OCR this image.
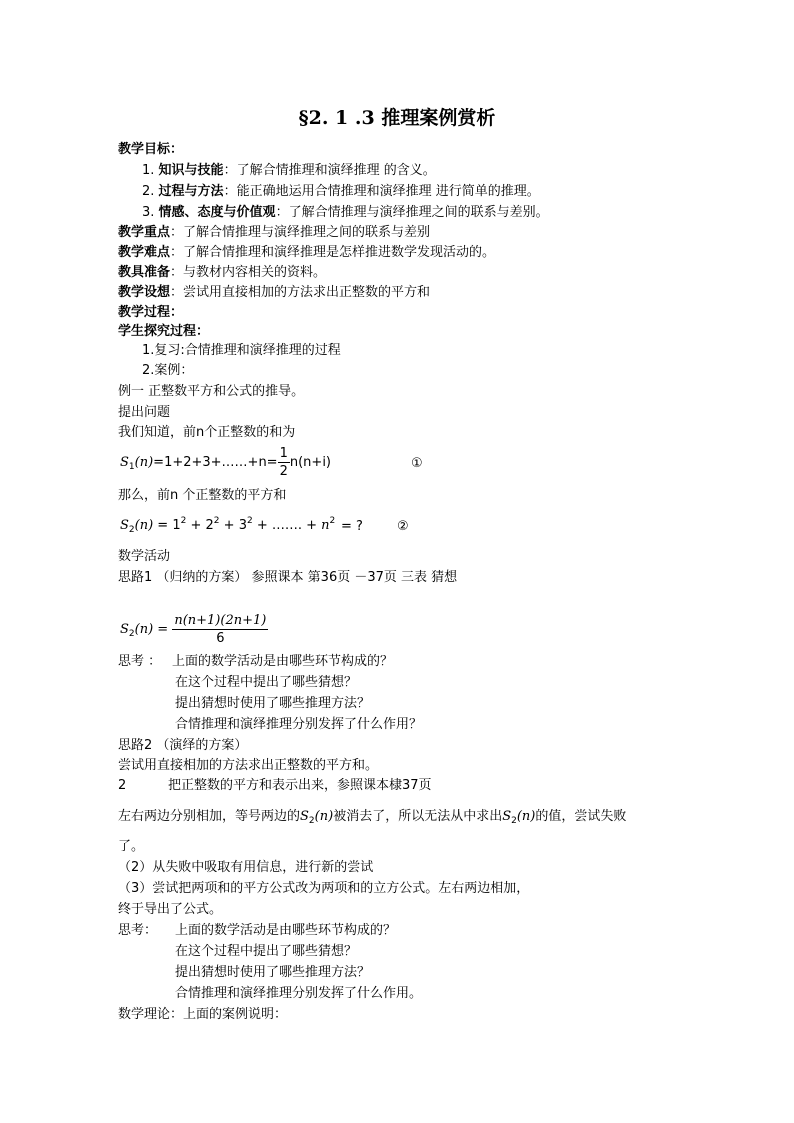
§2. 1 .3 推理案例赏析
教学目标：
1. 知识与技能：了解合情推理和演绎推理 的含义。
2. 过程与方法：能正确地运用合情推理和演绎推理 进行简单的推理。
3. 情感、态度与价值观：了解合情推理与演绎推理之间的联系与差别。
教学重点：了解合情推理与演绎推理之间的联系与差别
教学难点：了解合情推理和演绎推理是怎样推进数学发现活动的。
教具准备：与教材内容相关的资料。
教学设想：尝试用直接相加的方法求出正整数的平方和
教学过程：
学生探究过程：
1.复习:合情推理和演绎推理的过程
2.案例：
例一 正整数平方和公式的推导。
提出问题
我们知道，前n个正整数的和为
$S_1(n)=1+2+3+\dots\dots+n= \frac{1}{2} n(n+i)$	①
那么，前n 个正整数的平方和
$S_2(n) = 1^2 + 2^2 + 3^2$ + ……. + $n^2$ = ?	②
数学活动
思路1 （归纳的方案） 参照课本 第36页 －37页 三表 猜想
$S_2(n) = \frac{n(n+1)(2n+1)}{6}$
思考 ： 上面的数学活动是由哪些环节构成的？
在这个过程中提出了哪些猜想？
提出猜想时使用了哪些推理方法？
合情推理和演绎推理分别发挥了什么作用？
思路2 （演绎的方案）
尝试用直接相加的方法求出正整数的平方和。
2	把正整数的平方和表示出来，参照课本棣37页
左右两边分别相加，等号两边的$S_2(n)$被消去了，所以无法从中求出$S_2(n)$的值，尝试失败
了。
（2）从失败中吸取有用信息，进行新的尝试
（3）尝试把两项和的平方公式改为两项和的立方公式。左右两边相加，
终于导出了公式。
思考： 上面的数学活动是由哪些环节构成的？
在这个过程中提出了哪些猜想？
提出猜想时使用了哪些推理方法？
合情推理和演绎推理分别发挥了什么作用。
数学理论：上面的案例说明：
